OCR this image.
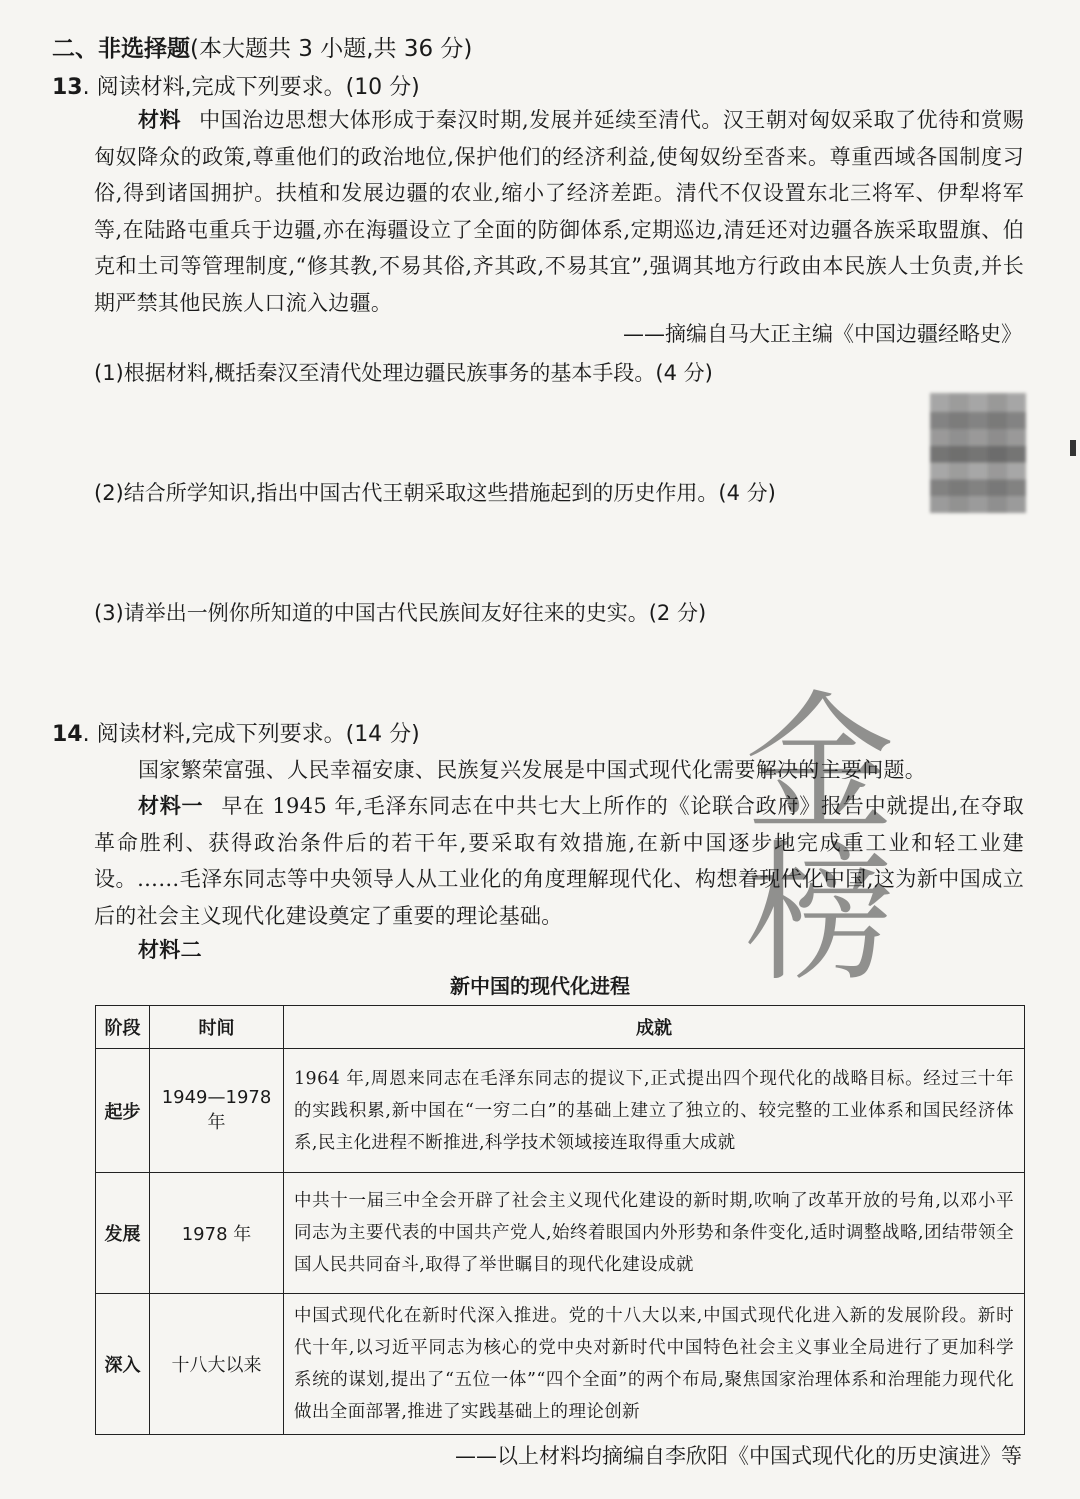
二、非选择题(本大题共 3 小题,共 36 分)
13. 阅读材料,完成下列要求。(10 分)
材料 中国治边思想大体形成于秦汉时期,发展并延续至清代。汉王朝对匈奴采取了优待和赏赐匈奴降众的政策,尊重他们的政治地位,保护他们的经济利益,使匈奴纷至沓来。尊重西域各国制度习俗,得到诸国拥护。扶植和发展边疆的农业,缩小了经济差距。清代不仅设置东北三将军、伊犁将军等,在陆路屯重兵于边疆,亦在海疆设立了全面的防御体系,定期巡边,清廷还对边疆各族采取盟旗、伯克和土司等管理制度,“修其教,不易其俗,齐其政,不易其宜”,强调其地方行政由本民族人士负责,并长期严禁其他民族人口流入边疆。
——摘编自马大正主编《中国边疆经略史》
(1)根据材料,概括秦汉至清代处理边疆民族事务的基本手段。(4 分)
(2)结合所学知识,指出中国古代王朝采取这些措施起到的历史作用。(4 分)
(3)请举出一例你所知道的中国古代民族间友好往来的史实。(2 分)
金榜
14. 阅读材料,完成下列要求。(14 分)
国家繁荣富强、人民幸福安康、民族复兴发展是中国式现代化需要解决的主要问题。
材料一 早在 1945 年,毛泽东同志在中共七大上所作的《论联合政府》报告中就提出,在夺取革命胜利、获得政治条件后的若干年,要采取有效措施,在新中国逐步地完成重工业和轻工业建设。……毛泽东同志等中央领导人从工业化的角度理解现代化、构想着现代化中国,这为新中国成立后的社会主义现代化建设奠定了重要的理论基础。
材料二
新中国的现代化进程
阶段	时间	成就
起步	1949—1978 年	1964 年,周恩来同志在毛泽东同志的提议下,正式提出四个现代化的战略目标。经过三十年的实践积累,新中国在“一穷二白”的基础上建立了独立的、较完整的工业体系和国民经济体系,民主化进程不断推进,科学技术领域接连取得重大成就
发展	1978 年	中共十一届三中全会开辟了社会主义现代化建设的新时期,吹响了改革开放的号角,以邓小平同志为主要代表的中国共产党人,始终着眼国内外形势和条件变化,适时调整战略,团结带领全国人民共同奋斗,取得了举世瞩目的现代化建设成就
深入	十八大以来	中国式现代化在新时代深入推进。党的十八大以来,中国式现代化进入新的发展阶段。新时代十年,以习近平同志为核心的党中央对新时代中国特色社会主义事业全局进行了更加科学系统的谋划,提出了“五位一体”“四个全面”的两个布局,聚焦国家治理体系和治理能力现代化做出全面部署,推进了实践基础上的理论创新
——以上材料均摘编自李欣阳《中国式现代化的历史演进》等
